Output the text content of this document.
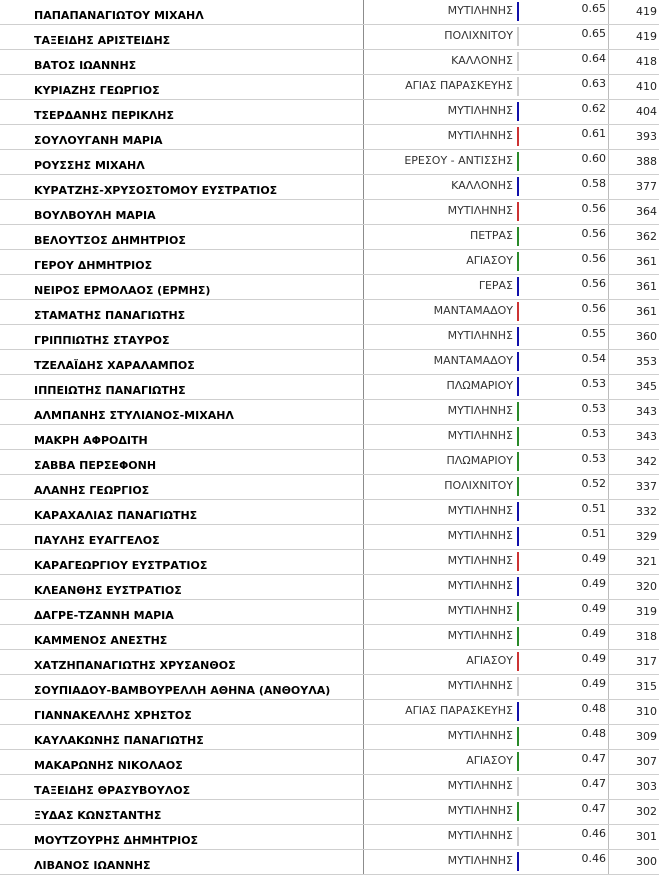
ΠΑΠΑΠΑΝΑΓΙΩΤΟΥ ΜΙΧΑΗΛ	ΜΥΤΙΛΗΝΗΣ	0.65	419
ΤΑΞΕΙΔΗΣ ΑΡΙΣΤΕΙΔΗΣ	ΠΟΛΙΧΝΙΤΟΥ	0.65	419
ΒΑΤΟΣ ΙΩΑΝΝΗΣ	ΚΑΛΛΟΝΗΣ	0.64	418
ΚΥΡΙΑΖΗΣ ΓΕΩΡΓΙΟΣ	ΑΓΙΑΣ ΠΑΡΑΣΚΕΥΗΣ	0.63	410
ΤΣΕΡΔΑΝΗΣ ΠΕΡΙΚΛΗΣ	ΜΥΤΙΛΗΝΗΣ	0.62	404
ΣΟΥΛΟΥΓΑΝΗ ΜΑΡΙΑ	ΜΥΤΙΛΗΝΗΣ	0.61	393
ΡΟΥΣΣΗΣ ΜΙΧΑΗΛ	ΕΡΕΣΟΥ - ΑΝΤΙΣΣΗΣ	0.60	388
ΚΥΡΑΤΖΗΣ-ΧΡΥΣΟΣΤΟΜΟΥ ΕΥΣΤΡΑΤΙΟΣ	ΚΑΛΛΟΝΗΣ	0.58	377
ΒΟΥΛΒΟΥΛΗ ΜΑΡΙΑ	ΜΥΤΙΛΗΝΗΣ	0.56	364
ΒΕΛΟΥΤΣΟΣ ΔΗΜΗΤΡΙΟΣ	ΠΕΤΡΑΣ	0.56	362
ΓΕΡΟΥ ΔΗΜΗΤΡΙΟΣ	ΑΓΙΑΣΟΥ	0.56	361
ΝΕΙΡΟΣ ΕΡΜΟΛΑΟΣ (ΕΡΜΗΣ)	ΓΕΡΑΣ	0.56	361
ΣΤΑΜΑΤΗΣ ΠΑΝΑΓΙΩΤΗΣ	ΜΑΝΤΑΜΑΔΟΥ	0.56	361
ΓΡΙΠΠΙΩΤΗΣ ΣΤΑΥΡΟΣ	ΜΥΤΙΛΗΝΗΣ	0.55	360
ΤΖΕΛΑΪΔΗΣ ΧΑΡΑΛΑΜΠΟΣ	ΜΑΝΤΑΜΑΔΟΥ	0.54	353
ΙΠΠΕΙΩΤΗΣ ΠΑΝΑΓΙΩΤΗΣ	ΠΛΩΜΑΡΙΟΥ	0.53	345
ΑΛΜΠΑΝΗΣ ΣΤΥΛΙΑΝΟΣ-ΜΙΧΑΗΛ	ΜΥΤΙΛΗΝΗΣ	0.53	343
ΜΑΚΡΗ ΑΦΡΟΔΙΤΗ	ΜΥΤΙΛΗΝΗΣ	0.53	343
ΣΑΒΒΑ ΠΕΡΣΕΦΟΝΗ	ΠΛΩΜΑΡΙΟΥ	0.53	342
ΑΛΑΝΗΣ ΓΕΩΡΓΙΟΣ	ΠΟΛΙΧΝΙΤΟΥ	0.52	337
ΚΑΡΑΧΑΛΙΑΣ ΠΑΝΑΓΙΩΤΗΣ	ΜΥΤΙΛΗΝΗΣ	0.51	332
ΠΑΥΛΗΣ ΕΥΑΓΓΕΛΟΣ	ΜΥΤΙΛΗΝΗΣ	0.51	329
ΚΑΡΑΓΕΩΡΓΙΟΥ ΕΥΣΤΡΑΤΙΟΣ	ΜΥΤΙΛΗΝΗΣ	0.49	321
ΚΛΕΑΝΘΗΣ ΕΥΣΤΡΑΤΙΟΣ	ΜΥΤΙΛΗΝΗΣ	0.49	320
ΔΑΓΡΕ-ΤΖΑΝΝΗ ΜΑΡΙΑ	ΜΥΤΙΛΗΝΗΣ	0.49	319
ΚΑΜΜΕΝΟΣ ΑΝΕΣΤΗΣ	ΜΥΤΙΛΗΝΗΣ	0.49	318
ΧΑΤΖΗΠΑΝΑΓΙΩΤΗΣ ΧΡΥΣΑΝΘΟΣ	ΑΓΙΑΣΟΥ	0.49	317
ΣΟΥΠΙΑΔΟΥ-ΒΑΜΒΟΥΡΕΛΛΗ ΑΘΗΝΑ (ΑΝΘΟΥΛΑ)	ΜΥΤΙΛΗΝΗΣ	0.49	315
ΓΙΑΝΝΑΚΕΛΛΗΣ ΧΡΗΣΤΟΣ	ΑΓΙΑΣ ΠΑΡΑΣΚΕΥΗΣ	0.48	310
ΚΑΥΛΑΚΩΝΗΣ ΠΑΝΑΓΙΩΤΗΣ	ΜΥΤΙΛΗΝΗΣ	0.48	309
ΜΑΚΑΡΩΝΗΣ ΝΙΚΟΛΑΟΣ	ΑΓΙΑΣΟΥ	0.47	307
ΤΑΞΕΙΔΗΣ ΘΡΑΣΥΒΟΥΛΟΣ	ΜΥΤΙΛΗΝΗΣ	0.47	303
ΞΥΔΑΣ ΚΩΝΣΤΑΝΤΗΣ	ΜΥΤΙΛΗΝΗΣ	0.47	302
ΜΟΥΤΖΟΥΡΗΣ ΔΗΜΗΤΡΙΟΣ	ΜΥΤΙΛΗΝΗΣ	0.46	301
ΛΙΒΑΝΟΣ ΙΩΑΝΝΗΣ	ΜΥΤΙΛΗΝΗΣ	0.46	300
